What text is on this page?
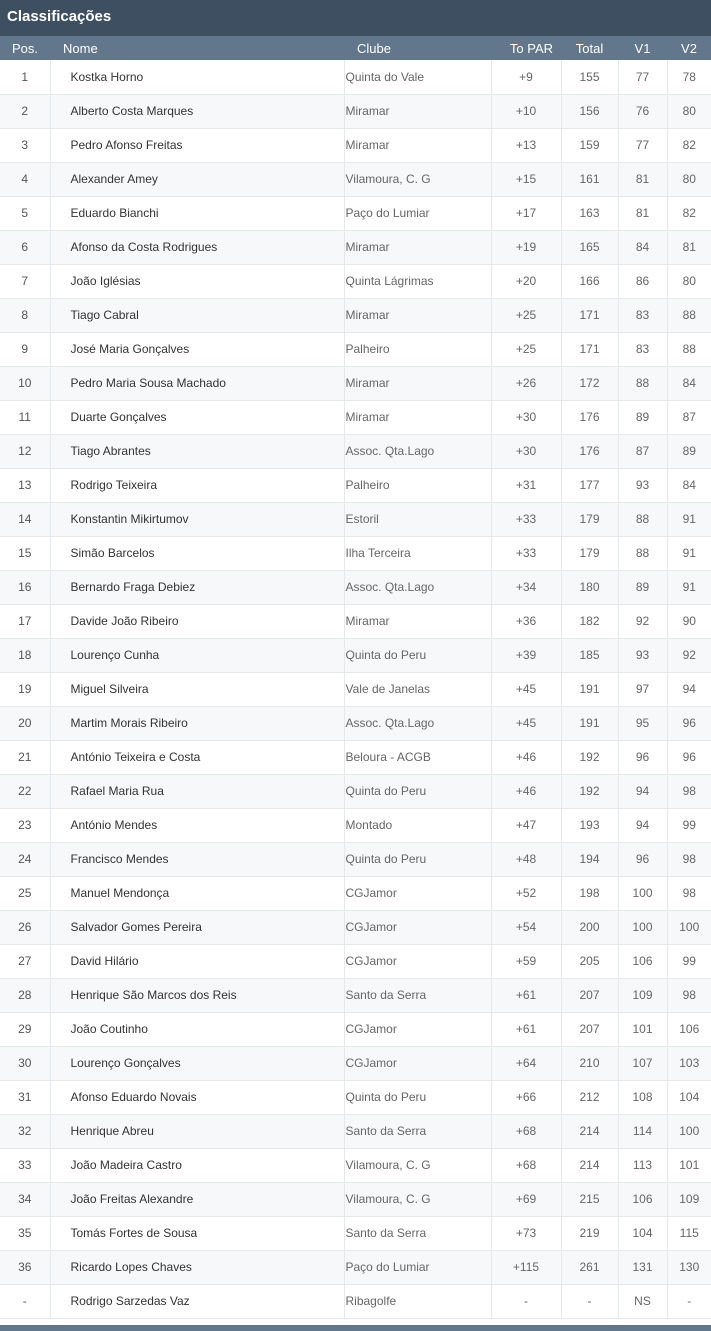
Classificações
Pos.	Nome	Clube	To PAR	Total	V1	V2
1	Kostka Horno	Quinta do Vale	+9	155	77	78
2	Alberto Costa Marques	Miramar	+10	156	76	80
3	Pedro Afonso Freitas	Miramar	+13	159	77	82
4	Alexander Amey	Vilamoura, C. G	+15	161	81	80
5	Eduardo Bianchi	Paço do Lumiar	+17	163	81	82
6	Afonso da Costa Rodrigues	Miramar	+19	165	84	81
7	João Iglésias	Quinta Lágrimas	+20	166	86	80
8	Tiago Cabral	Miramar	+25	171	83	88
9	José Maria Gonçalves	Palheiro	+25	171	83	88
10	Pedro Maria Sousa Machado	Miramar	+26	172	88	84
11	Duarte Gonçalves	Miramar	+30	176	89	87
12	Tiago Abrantes	Assoc. Qta.Lago	+30	176	87	89
13	Rodrigo Teixeira	Palheiro	+31	177	93	84
14	Konstantin Mikirtumov	Estoril	+33	179	88	91
15	Simão Barcelos	Ilha Terceira	+33	179	88	91
16	Bernardo Fraga Debiez	Assoc. Qta.Lago	+34	180	89	91
17	Davide João Ribeiro	Miramar	+36	182	92	90
18	Lourenço Cunha	Quinta do Peru	+39	185	93	92
19	Miguel Silveira	Vale de Janelas	+45	191	97	94
20	Martim Morais Ribeiro	Assoc. Qta.Lago	+45	191	95	96
21	António Teixeira e Costa	Beloura - ACGB	+46	192	96	96
22	Rafael Maria Rua	Quinta do Peru	+46	192	94	98
23	António Mendes	Montado	+47	193	94	99
24	Francisco Mendes	Quinta do Peru	+48	194	96	98
25	Manuel Mendonça	CGJamor	+52	198	100	98
26	Salvador Gomes Pereira	CGJamor	+54	200	100	100
27	David Hilário	CGJamor	+59	205	106	99
28	Henrique São Marcos dos Reis	Santo da Serra	+61	207	109	98
29	João Coutinho	CGJamor	+61	207	101	106
30	Lourenço Gonçalves	CGJamor	+64	210	107	103
31	Afonso Eduardo Novais	Quinta do Peru	+66	212	108	104
32	Henrique Abreu	Santo da Serra	+68	214	114	100
33	João Madeira Castro	Vilamoura, C. G	+68	214	113	101
34	João Freitas Alexandre	Vilamoura, C. G	+69	215	106	109
35	Tomás Fortes de Sousa	Santo da Serra	+73	219	104	115
36	Ricardo Lopes Chaves	Paço do Lumiar	+115	261	131	130
-	Rodrigo Sarzedas Vaz	Ribagolfe	-	-	NS	-
